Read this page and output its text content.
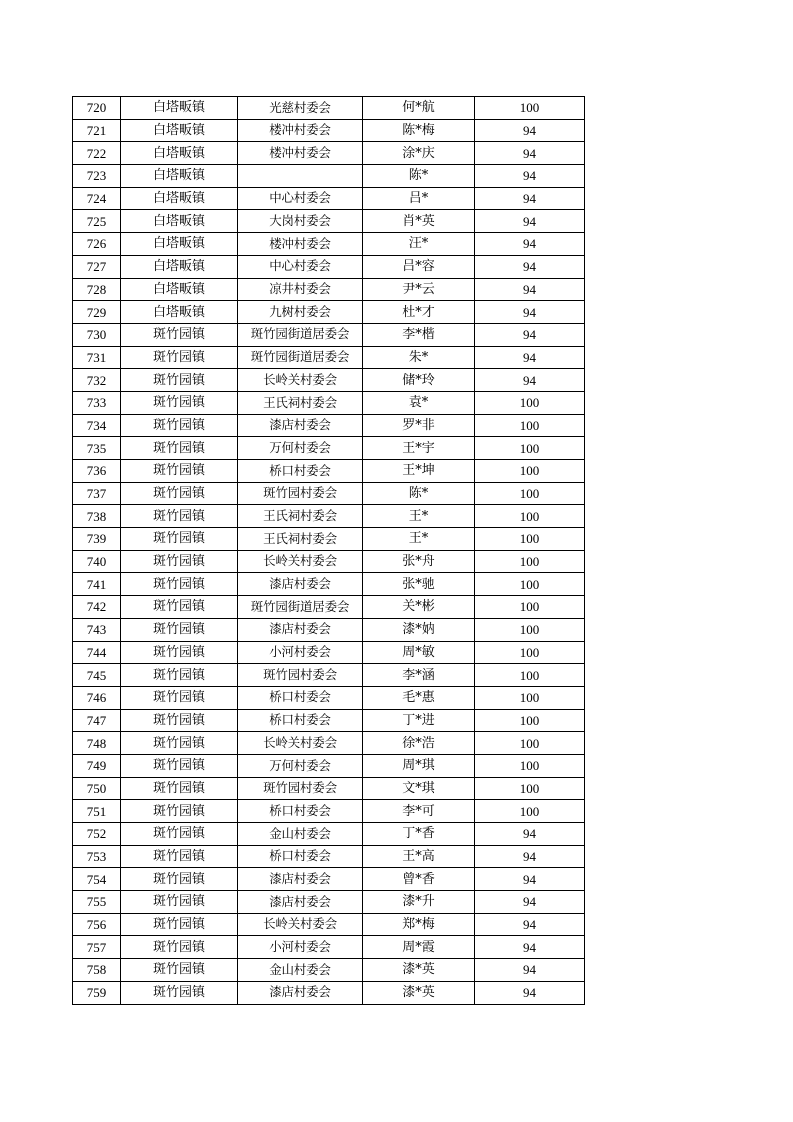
720	白塔畈镇	光慈村委会	何*航	100
721	白塔畈镇	楼冲村委会	陈*梅	94
722	白塔畈镇	楼冲村委会	涂*庆	94
723	白塔畈镇		陈*	94
724	白塔畈镇	中心村委会	吕*	94
725	白塔畈镇	大岗村委会	肖*英	94
726	白塔畈镇	楼冲村委会	汪*	94
727	白塔畈镇	中心村委会	吕*容	94
728	白塔畈镇	凉井村委会	尹*云	94
729	白塔畈镇	九树村委会	杜*才	94
730	斑竹园镇	斑竹园街道居委会	李*楷	94
731	斑竹园镇	斑竹园街道居委会	朱*	94
732	斑竹园镇	长岭关村委会	储*玲	94
733	斑竹园镇	王氏祠村委会	袁*	100
734	斑竹园镇	漆店村委会	罗*非	100
735	斑竹园镇	万何村委会	王*宇	100
736	斑竹园镇	桥口村委会	王*坤	100
737	斑竹园镇	斑竹园村委会	陈*	100
738	斑竹园镇	王氏祠村委会	王*	100
739	斑竹园镇	王氏祠村委会	王*	100
740	斑竹园镇	长岭关村委会	张*舟	100
741	斑竹园镇	漆店村委会	张*驰	100
742	斑竹园镇	斑竹园街道居委会	关*彬	100
743	斑竹园镇	漆店村委会	漆*妠	100
744	斑竹园镇	小河村委会	周*敏	100
745	斑竹园镇	斑竹园村委会	李*涵	100
746	斑竹园镇	桥口村委会	毛*惠	100
747	斑竹园镇	桥口村委会	丁*进	100
748	斑竹园镇	长岭关村委会	徐*浩	100
749	斑竹园镇	万何村委会	周*琪	100
750	斑竹园镇	斑竹园村委会	文*琪	100
751	斑竹园镇	桥口村委会	李*可	100
752	斑竹园镇	金山村委会	丁*香	94
753	斑竹园镇	桥口村委会	王*高	94
754	斑竹园镇	漆店村委会	曾*香	94
755	斑竹园镇	漆店村委会	漆*升	94
756	斑竹园镇	长岭关村委会	郑*梅	94
757	斑竹园镇	小河村委会	周*霞	94
758	斑竹园镇	金山村委会	漆*英	94
759	斑竹园镇	漆店村委会	漆*英	94
